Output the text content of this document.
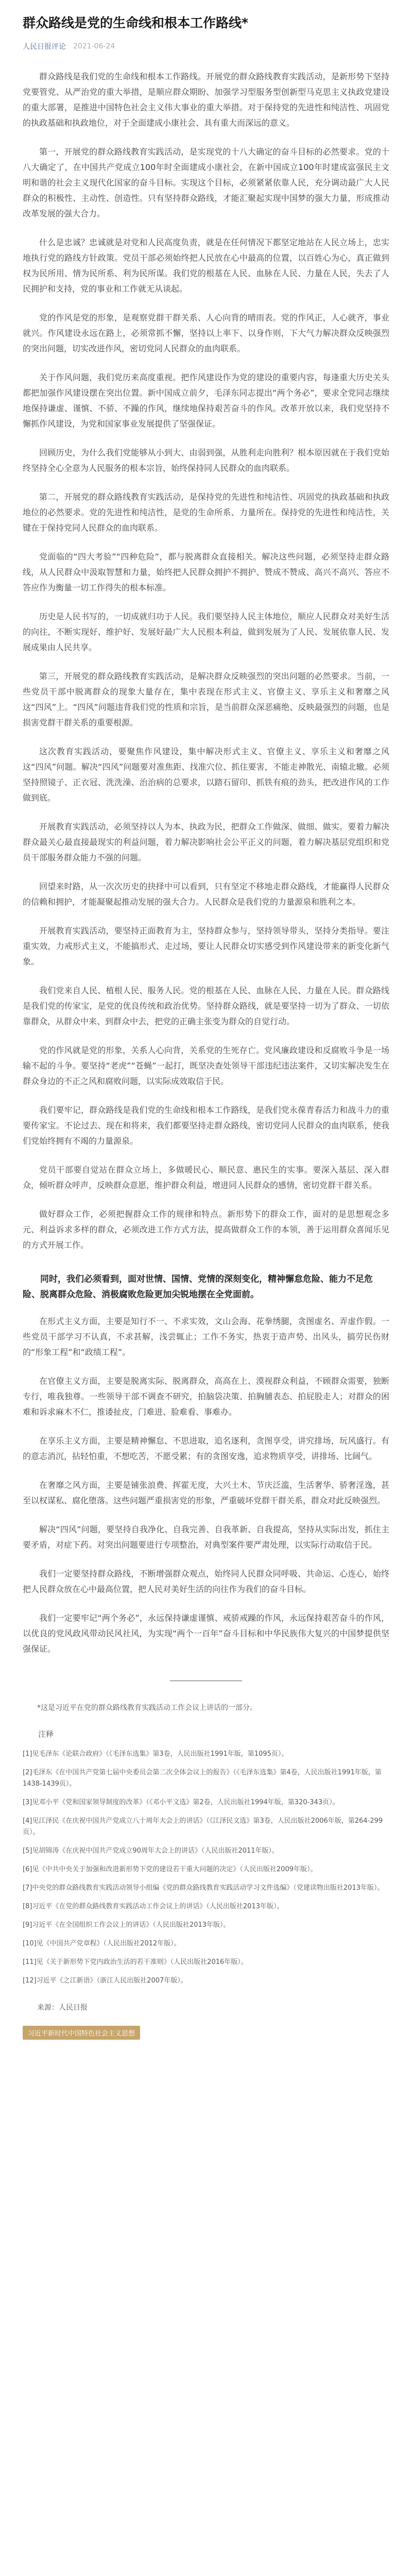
群众路线是党的生命线和根本工作路线*
人民日报评论 2021-06-24

群众路线是我们党的生命线和根本工作路线。开展党的群众路线教育实践活动，是新形势下坚持党要管党、从严治党的重大举措，是顺应群众期盼、加强学习型服务型创新型马克思主义执政党建设的重大部署，是推进中国特色社会主义伟大事业的重大举措。对于保持党的先进性和纯洁性、巩固党的执政基础和执政地位，对于全面建成小康社会、具有重大而深远的意义。

第一，开展党的群众路线教育实践活动，是实现党的十八大确定的奋斗目标的必然要求。党的十八大确定了，在中国共产党成立100年时全面建成小康社会，在新中国成立100年时建成富强民主文明和谐的社会主义现代化国家的奋斗目标。实现这个目标，必须紧紧依靠人民，充分调动最广大人民群众的积极性、主动性、创造性。只有坚持群众路线，才能汇聚起实现中国梦的强大力量，形成推动改革发展的强大合力。

什么是忠诚？忠诚就是对党和人民高度负责，就是在任何情况下都坚定地站在人民立场上，忠实地执行党的路线方针政策。党员干部必须始终把人民放在心中最高的位置，以百姓心为心，真正做到权为民所用、情为民所系、利为民所谋。我们党的根基在人民、血脉在人民、力量在人民，失去了人民拥护和支持，党的事业和工作就无从谈起。

党的作风是党的形象，是观察党群干群关系、人心向背的晴雨表。党的作风正，人心就齐，事业就兴。作风建设永远在路上，必须常抓不懈，坚持以上率下、以身作则，下大气力解决群众反映强烈的突出问题，切实改进作风，密切党同人民群众的血肉联系。

关于作风问题，我们党历来高度重视。把作风建设作为党的建设的重要内容，每逢重大历史关头都把加强作风建设摆在突出位置。新中国成立前夕，毛泽东同志提出“两个务必”，要求全党同志继续地保持谦虚、谨慎、不骄、不躁的作风，继续地保持艰苦奋斗的作风。改革开放以来，我们党坚持不懈抓作风建设，为党和国家事业发展提供了坚强保证。

回顾历史，为什么我们党能够从小到大、由弱到强，从胜利走向胜利？根本原因就在于我们党始终坚持全心全意为人民服务的根本宗旨，始终保持同人民群众的血肉联系。

第二，开展党的群众路线教育实践活动，是保持党的先进性和纯洁性、巩固党的执政基础和执政地位的必然要求。党的先进性和纯洁性，是党的生命所系、力量所在。保持党的先进性和纯洁性，关键在于保持党同人民群众的血肉联系。

党面临的“四大考验”“四种危险”，都与脱离群众直接相关。解决这些问题，必须坚持走群众路线，从人民群众中汲取智慧和力量，始终把人民群众拥护不拥护、赞成不赞成、高兴不高兴、答应不答应作为衡量一切工作得失的根本标准。

历史是人民书写的，一切成就归功于人民。我们要坚持人民主体地位，顺应人民群众对美好生活的向往，不断实现好、维护好、发展好最广大人民根本利益，做到发展为了人民、发展依靠人民、发展成果由人民共享。

第三，开展党的群众路线教育实践活动，是解决群众反映强烈的突出问题的必然要求。当前，一些党员干部中脱离群众的现象大量存在，集中表现在形式主义、官僚主义、享乐主义和奢靡之风这“四风”上。“四风”问题违背我们党的性质和宗旨，是当前群众深恶痛绝、反映最强烈的问题，也是损害党群干群关系的重要根源。

这次教育实践活动，要聚焦作风建设，集中解决形式主义、官僚主义、享乐主义和奢靡之风这“四风”问题。解决“四风”问题要对准焦距、找准穴位、抓住要害，不能走神散光、南辕北辙。必须坚持照镜子、正衣冠、洗洗澡、治治病的总要求，以踏石留印、抓铁有痕的劲头，把改进作风的工作做到底。

开展教育实践活动，必须坚持以人为本、执政为民，把群众工作做深、做细、做实。要着力解决群众最关心最直接最现实的利益问题，着力解决影响社会公平正义的问题，着力解决基层党组织和党员干部服务群众能力不强的问题。

回望来时路，从一次次历史的抉择中可以看到，只有坚定不移地走群众路线，才能赢得人民群众的信赖和拥护，才能凝聚起推动发展的强大合力。人民群众是我们党的力量源泉和胜利之本。

开展教育实践活动，要坚持正面教育为主，坚持群众参与，坚持领导带头，坚持分类指导。要注重实效，力戒形式主义，不能搞形式、走过场，要让人民群众切实感受到作风建设带来的新变化新气象。

我们党来自人民、植根人民、服务人民。党的根基在人民、血脉在人民、力量在人民。群众路线是我们党的传家宝，是党的优良传统和政治优势。坚持群众路线，就是要坚持一切为了群众、一切依靠群众，从群众中来、到群众中去，把党的正确主张变为群众的自觉行动。

党的作风就是党的形象，关系人心向背，关系党的生死存亡。党风廉政建设和反腐败斗争是一场输不起的斗争。要坚持“老虎”“苍蝇”一起打，既坚决查处领导干部违纪违法案件，又切实解决发生在群众身边的不正之风和腐败问题，以实际成效取信于民。

我们要牢记，群众路线是我们党的生命线和根本工作路线，是我们党永葆青春活力和战斗力的重要传家宝。不论过去、现在和将来，我们都要坚持走群众路线，密切党同人民群众的血肉联系，使我们党始终拥有不竭的力量源泉。

党员干部要自觉站在群众立场上，多做暖民心、顺民意、惠民生的实事。要深入基层、深入群众，倾听群众呼声，反映群众意愿，维护群众利益，增进同人民群众的感情，密切党群干群关系。

做好群众工作，必须把握群众工作的规律和特点。新形势下的群众工作，面对的是思想观念多元、利益诉求多样的群众，必须改进工作方式方法，提高做群众工作的本领，善于运用群众喜闻乐见的方式开展工作。

同时，我们必须看到，面对世情、国情、党情的深刻变化，精神懈怠危险、能力不足危险、脱离群众危险、消极腐败危险更加尖锐地摆在全党面前。

在形式主义方面，主要是知行不一、不求实效，文山会海、花拳绣腿，贪图虚名、弄虚作假。一些党员干部学习不认真，不求甚解，浅尝辄止；工作不务实，热衷于造声势、出风头，搞劳民伤财的“形象工程”和“政绩工程”。

在官僚主义方面，主要是脱离实际、脱离群众，高高在上、漠视群众利益，不顾群众需要，独断专行，唯我独尊。一些领导干部不调查不研究，拍脑袋决策、拍胸脯表态、拍屁股走人；对群众的困难和诉求麻木不仁，推诿扯皮，门难进、脸难看、事难办。

在享乐主义方面，主要是精神懈怠、不思进取，追名逐利，贪图享受，讲究排场，玩风盛行。有的意志消沉，拈轻怕重，不想吃苦，不愿受累；有的贪图安逸，追求物质享受，讲排场、比阔气。

在奢靡之风方面，主要是铺张浪费、挥霍无度，大兴土木、节庆泛滥，生活奢华、骄奢淫逸，甚至以权谋私、腐化堕落。这些问题严重损害党的形象，严重破坏党群干群关系，群众对此反映强烈。

解决“四风”问题，要坚持自我净化、自我完善、自我革新、自我提高，坚持从实际出发，抓住主要矛盾，对症下药。对突出问题要进行专项整治，对典型案件要严肃处理，以实际行动取信于民。

我们一定要坚持群众路线，不断增强群众观点，始终同人民群众同呼吸、共命运、心连心，始终把人民群众放在心中最高位置，把人民对美好生活的向往作为我们的奋斗目标。

我们一定要牢记“两个务必”，永远保持谦虚谨慎、戒骄戒躁的作风，永远保持艰苦奋斗的作风，以优良的党风政风带动民风社风，为实现“两个一百年”奋斗目标和中华民族伟大复兴的中国梦提供坚强保证。

*这是习近平在党的群众路线教育实践活动工作会议上讲话的一部分。

注释

[1]见毛泽东《论联合政府》（《毛泽东选集》第3卷，人民出版社1991年版，第1095页）。

[2]毛泽东《在中国共产党第七届中央委员会第二次全体会议上的报告》（《毛泽东选集》第4卷，人民出版社1991年版，第1438-1439页）。

[3]见邓小平《党和国家领导制度的改革》（《邓小平文选》第2卷，人民出版社1994年版，第320-343页）。

[4]见江泽民《在庆祝中国共产党成立八十周年大会上的讲话》（《江泽民文选》第3卷，人民出版社2006年版，第264-299页）。

[5]见胡锦涛《在庆祝中国共产党成立90周年大会上的讲话》（人民出版社2011年版）。

[6]见《中共中央关于加强和改进新形势下党的建设若干重大问题的决定》（人民出版社2009年版）。

[7]中央党的群众路线教育实践活动领导小组编《党的群众路线教育实践活动学习文件选编》（党建读物出版社2013年版）。

[8]习近平《在党的群众路线教育实践活动工作会议上的讲话》（人民出版社2013年版）。

[9]习近平《在全国组织工作会议上的讲话》（人民出版社2013年版）。

[10]见《中国共产党章程》（人民出版社2012年版）。

[11]见《关于新形势下党内政治生活的若干准则》（人民出版社2016年版）。

[12]习近平《之江新语》（浙江人民出版社2007年版）。

来源：人民日报
习近平新时代中国特色社会主义思想
